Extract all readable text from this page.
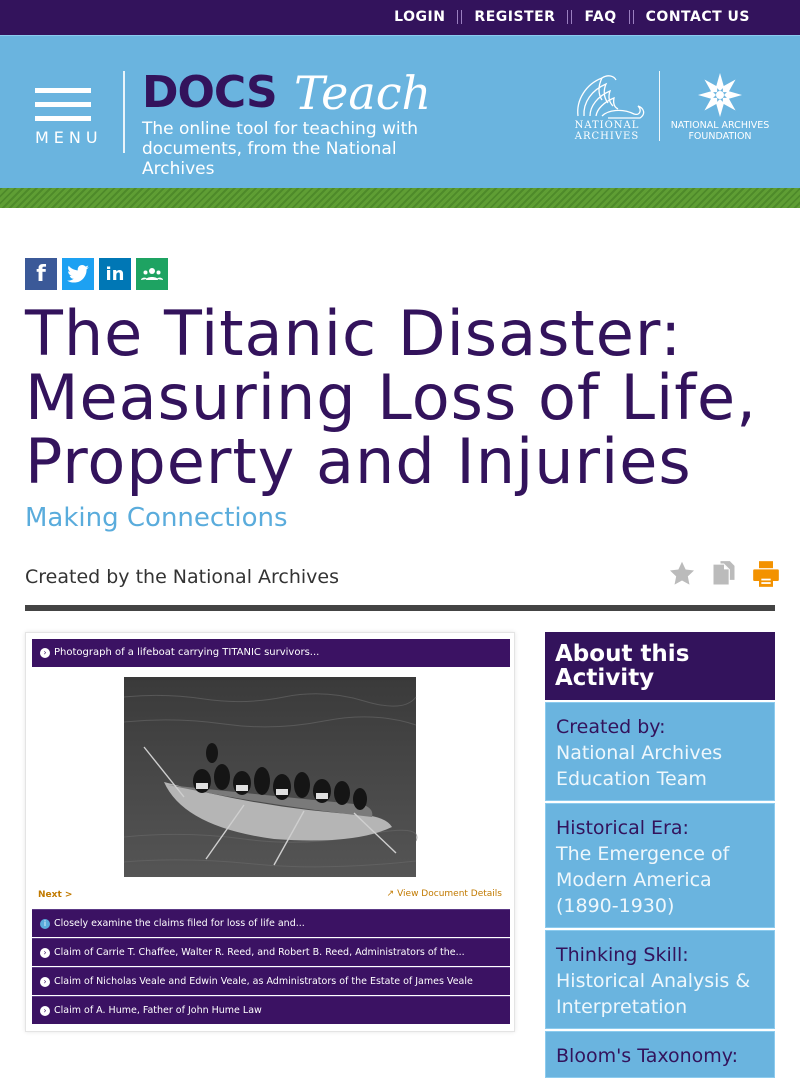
LOGIN	REGISTER	FAQ	CONTACT US
MENU
DOCS Teach
The online tool for teaching with documents, from the National Archives
NATIONAL ARCHIVES
NATIONAL ARCHIVES FOUNDATION
f	in
The Titanic Disaster: Measuring Loss of Life, Property and Injuries
Making Connections
Created by the National Archives
› Photograph of a lifeboat carrying TITANIC survivors...
Next >	↗ View Document Details
i Closely examine the claims filed for loss of life and...
› Claim of Carrie T. Chaffee, Walter R. Reed, and Robert B. Reed, Administrators of the...
› Claim of Nicholas Veale and Edwin Veale, as Administrators of the Estate of James Veale
› Claim of A. Hume, Father of John Hume Law
About this Activity
Created by:
National Archives Education Team
Historical Era:
The Emergence of Modern America (1890-1930)
Thinking Skill:
Historical Analysis & Interpretation
Bloom's Taxonomy:
